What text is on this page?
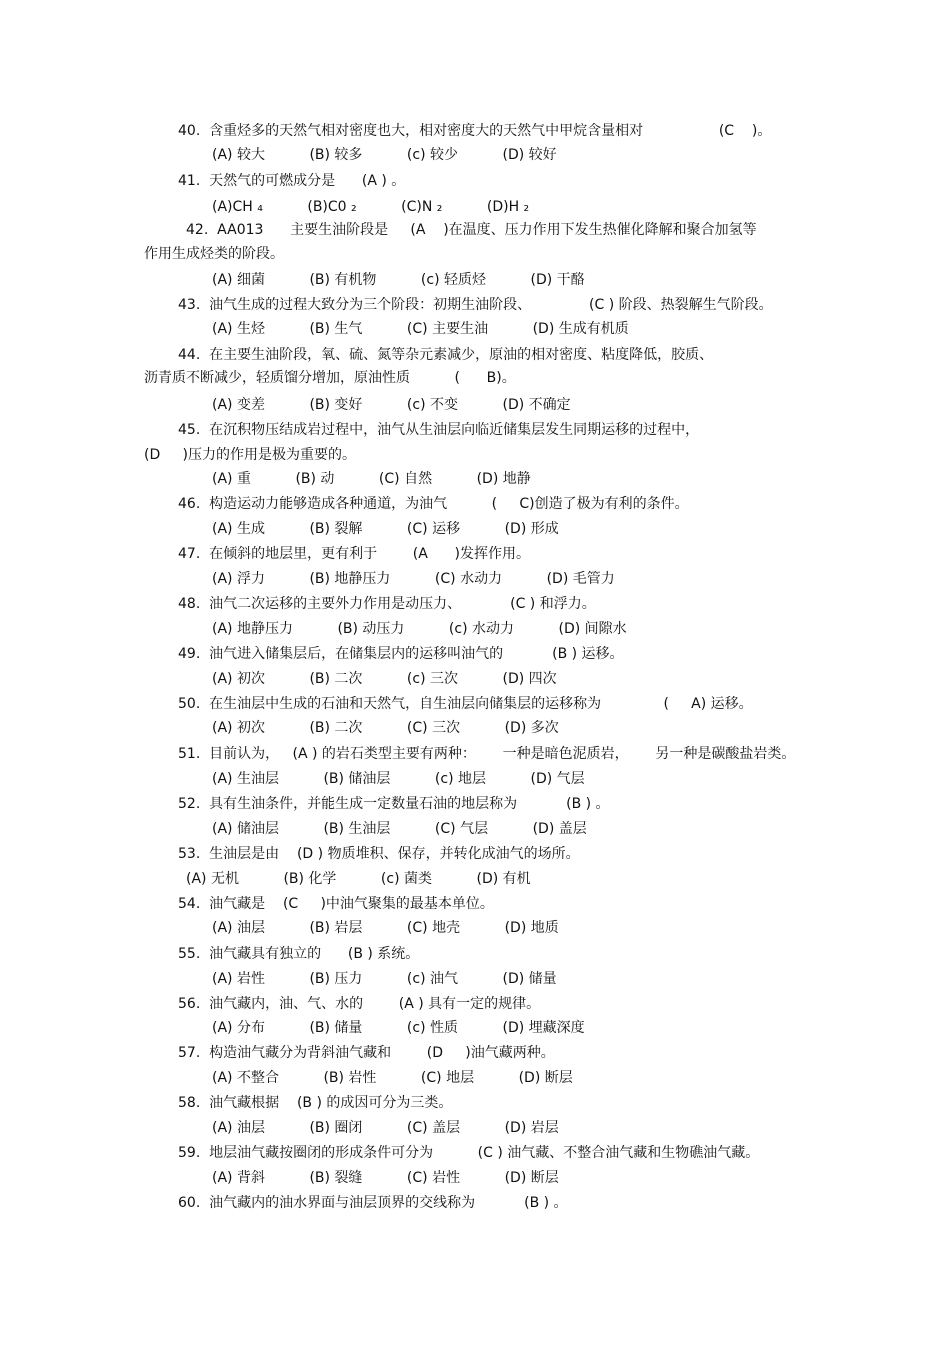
40.  含重烃多的天然气相对密度也大，相对密度大的天然气中甲烷含量相对                 (C    )。
(A) 较大          (B) 较多          (c) 较少          (D) 较好
41.  天然气的可燃成分是      (A ) 。
(A)CH ₄          (B)C0 ₂          (C)N ₂          (D)H ₂
42.  AA013      主要生油阶段是     (A    )在温度、压力作用下发生热催化降解和聚合加氢等
作用生成烃类的阶段。
(A) 细菌          (B) 有机物          (c) 轻质烃          (D) 干酪
43.  油气生成的过程大致分为三个阶段：初期生油阶段、             (C ) 阶段、热裂解生气阶段。
(A) 生烃          (B) 生气          (C) 主要生油          (D) 生成有机质
44.  在主要生油阶段，氧、硫、氮等杂元素减少，原油的相对密度、粘度降低，胶质、
沥青质不断减少，轻质馏分增加，原油性质          (      B)。
(A) 变差          (B) 变好          (c) 不变          (D) 不确定
45.  在沉积物压结成岩过程中，油气从生油层向临近储集层发生同期运移的过程中，
(D     )压力的作用是极为重要的。
(A) 重          (B) 动          (C) 自然          (D) 地静
46.  构造运动力能够造成各种通道，为油气          (     C)创造了极为有利的条件。
(A) 生成          (B) 裂解          (C) 运移          (D) 形成
47.  在倾斜的地层里，更有利于        (A      )发挥作用。
(A) 浮力          (B) 地静压力          (C) 水动力          (D) 毛管力
48.  油气二次运移的主要外力作用是动压力、           (C ) 和浮力。
(A) 地静压力          (B) 动压力          (c) 水动力          (D) 间隙水
49.  油气进入储集层后，在储集层内的运移叫油气的           (B ) 运移。
(A) 初次          (B) 二次          (c) 三次          (D) 四次
50.  在生油层中生成的石油和天然气，自生油层向储集层的运移称为              (     A) 运移。
(A) 初次          (B) 二次          (C) 三次          (D) 多次
51.  目前认为，   (A ) 的岩石类型主要有两种：      一种是暗色泥质岩，      另一种是碳酸盐岩类。
(A) 生油层          (B) 储油层          (c) 地层          (D) 气层
52.  具有生油条件，并能生成一定数量石油的地层称为           (B ) 。
(A) 储油层          (B) 生油层          (C) 气层          (D) 盖层
53.  生油层是由    (D ) 物质堆积、保存，并转化成油气的场所。
(A) 无机          (B) 化学          (c) 菌类          (D) 有机
54.  油气藏是    (C     )中油气聚集的最基本单位。
(A) 油层          (B) 岩层          (C) 地壳          (D) 地质
55.  油气藏具有独立的      (B ) 系统。
(A) 岩性          (B) 压力          (c) 油气          (D) 储量
56.  油气藏内，油、气、水的        (A ) 具有一定的规律。
(A) 分布          (B) 储量          (c) 性质          (D) 埋藏深度
57.  构造油气藏分为背斜油气藏和        (D     )油气藏两种。
(A) 不整合          (B) 岩性          (C) 地层          (D) 断层
58.  油气藏根据    (B ) 的成因可分为三类。
(A) 油层          (B) 圈闭          (C) 盖层          (D) 岩层
59.  地层油气藏按圈闭的形成条件可分为          (C ) 油气藏、不整合油气藏和生物礁油气藏。
(A) 背斜          (B) 裂缝          (C) 岩性          (D) 断层
60.  油气藏内的油水界面与油层顶界的交线称为           (B ) 。
